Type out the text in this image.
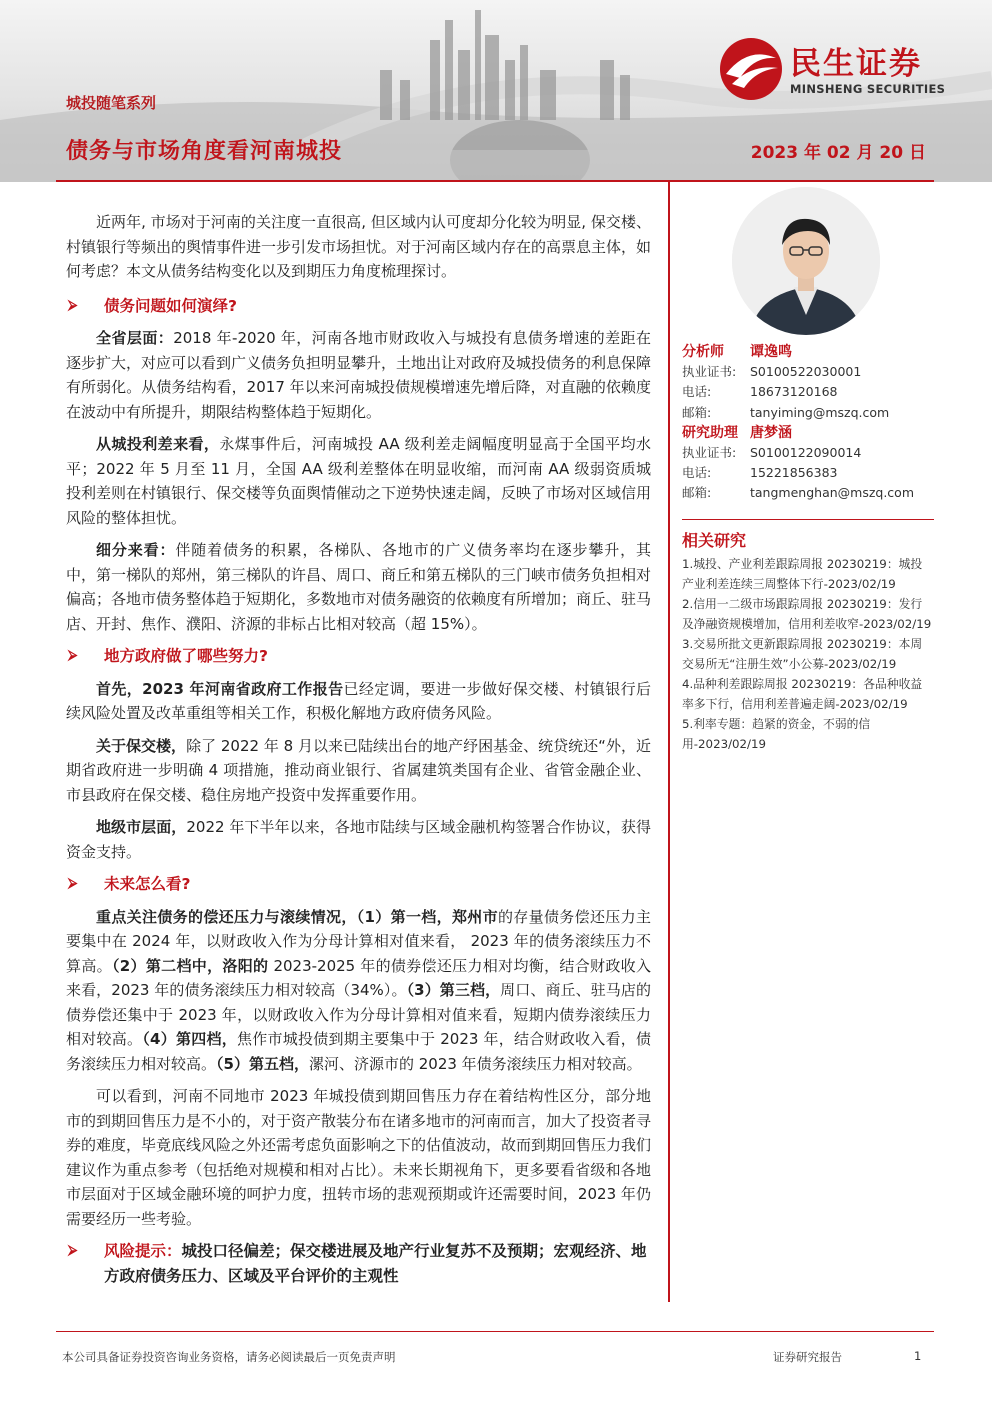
城投随笔系列
债务与市场角度看河南城投	2023 年 02 月 20 日
民生证券
MINSHENG SECURITIES

近两年, 市场对于河南的关注度一直很高, 但区域内认可度却分化较为明显, 保交楼、村镇银行等频出的舆情事件进一步引发市场担忧。对于河南区域内存在的高票息主体，如何考虑？本文从债务结构变化以及到期压力角度梳理探讨。

⮚	债务问题如何演绎?

全省层面：2018 年-2020 年，河南各地市财政收入与城投有息债务增速的差距在逐步扩大，对应可以看到广义债务负担明显攀升，土地出让对政府及城投债务的利息保障有所弱化。从债务结构看，2017 年以来河南城投债规模增速先增后降，对直融的依赖度在波动中有所提升，期限结构整体趋于短期化。

从城投利差来看，永煤事件后，河南城投 AA 级利差走阔幅度明显高于全国平均水平；2022 年 5 月至 11 月，全国 AA 级利差整体在明显收缩，而河南 AA 级弱资质城投利差则在村镇银行、保交楼等负面舆情催动之下逆势快速走阔，反映了市场对区域信用风险的整体担忧。

细分来看：伴随着债务的积累，各梯队、各地市的广义债务率均在逐步攀升，其中，第一梯队的郑州，第三梯队的许昌、周口、商丘和第五梯队的三门峡市债务负担相对偏高；各地市债务整体趋于短期化，多数地市对债务融资的依赖度有所增加；商丘、驻马店、开封、焦作、濮阳、济源的非标占比相对较高（超 15%）。

⮚	地方政府做了哪些努力?

首先，2023 年河南省政府工作报告已经定调，要进一步做好保交楼、村镇银行后续风险处置及改革重组等相关工作，积极化解地方政府债务风险。

关于保交楼，除了 2022 年 8 月以来已陆续出台的地产纾困基金、统贷统还“外，近期省政府进一步明确 4 项措施，推动商业银行、省属建筑类国有企业、省管金融企业、市县政府在保交楼、稳住房地产投资中发挥重要作用。

地级市层面，2022 年下半年以来，各地市陆续与区域金融机构签署合作协议，获得资金支持。

⮚	未来怎么看?

重点关注债务的偿还压力与滚续情况，（1）第一档，郑州市的存量债务偿还压力主要集中在 2024 年，以财政收入作为分母计算相对值来看， 2023 年的债务滚续压力不算高。（2）第二档中，洛阳的 2023-2025 年的债券偿还压力相对均衡，结合财政收入来看，2023 年的债务滚续压力相对较高（34%）。（3）第三档，周口、商丘、驻马店的债券偿还集中于 2023 年，以财政收入作为分母计算相对值来看，短期内债券滚续压力相对较高。（4）第四档，焦作市城投债到期主要集中于 2023 年，结合财政收入看，债务滚续压力相对较高。（5）第五档，漯河、济源市的 2023 年债务滚续压力相对较高。

可以看到，河南不同地市 2023 年城投债到期回售压力存在着结构性区分，部分地市的到期回售压力是不小的，对于资产散装分布在诸多地市的河南而言，加大了投资者寻券的难度，毕竟底线风险之外还需考虑负面影响之下的估值波动，故而到期回售压力我们建议作为重点参考（包括绝对规模和相对占比）。未来长期视角下，更多要看省级和各地市层面对于区域金融环境的呵护力度，扭转市场的悲观预期或许还需要时间，2023 年仍需要经历一些考验。

⮚	风险提示：城投口径偏差；保交楼进展及地产行业复苏不及预期；宏观经济、地方政府债务压力、区域及平台评价的主观性
分析师	谭逸鸣
执业证书:	S0100522030001
电话:	18673120168
邮箱:	tanyiming@mszq.com
研究助理 唐梦涵
执业证书:	S0100122090014
电话:	15221856383
邮箱:	tangmenghan@mszq.com
相关研究
1.城投、产业利差跟踪周报 20230219：城投产业利差连续三周整体下行-2023/02/19
2.信用一二级市场跟踪周报 20230219：发行及净融资规模增加，信用利差收窄-2023/02/19
3.交易所批文更新跟踪周报 20230219：本周交易所无“注册生效”小公募-2023/02/19
4.品种利差跟踪周报 20230219：各品种收益率多下行，信用利差普遍走阔-2023/02/19
5.利率专题：趋紧的资金，不弱的信用-2023/02/19
本公司具备证券投资咨询业务资格，请务必阅读最后一页免责声明	证券研究报告	1
